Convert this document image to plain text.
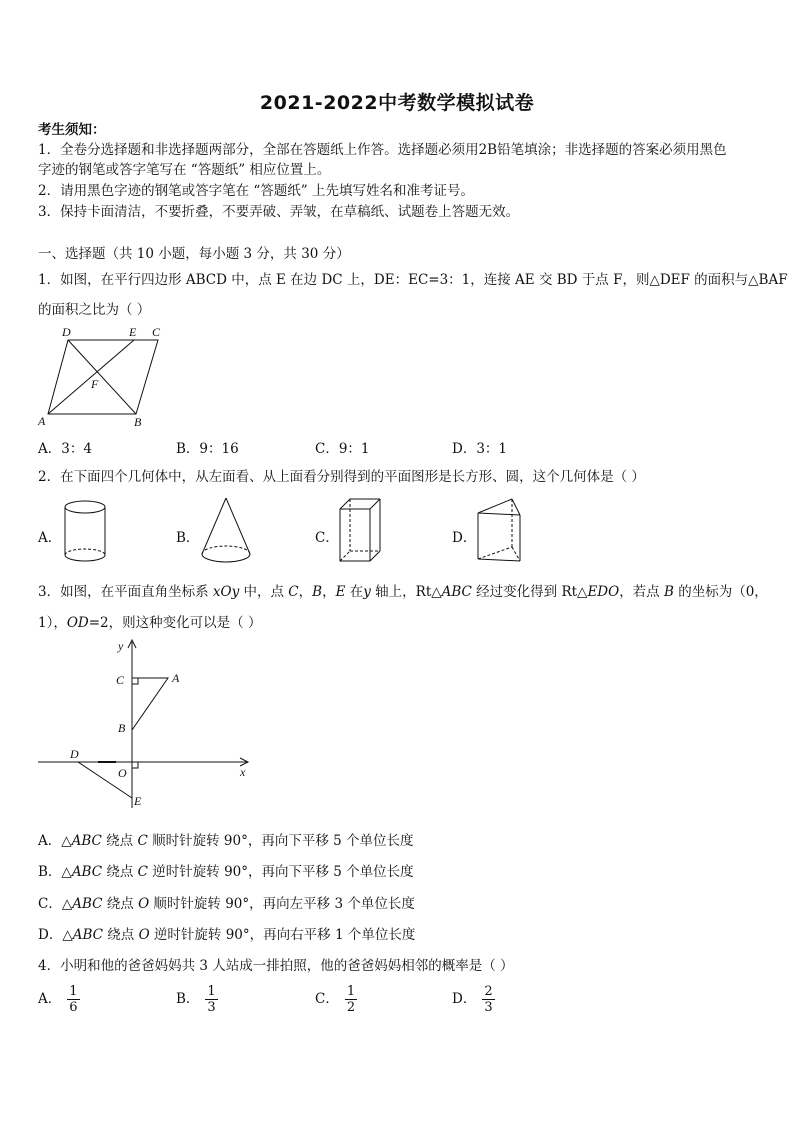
2021-2022中考数学模拟试卷
考生须知：
1．全卷分选择题和非选择题两部分，全部在答题纸上作答。选择题必须用2B铅笔填涂；非选择题的答案必须用黑色
字迹的钢笔或答字笔写在 “答题纸” 相应位置上。
2．请用黑色字迹的钢笔或答字笔在 “答题纸” 上先填写姓名和准考证号。
3．保持卡面清洁，不要折叠，不要弄破、弄皱，在草稿纸、试题卷上答题无效。
一、选择题（共 10 小题，每小题 3 分，共 30 分）
1．如图，在平行四边形 ABCD 中，点 E 在边 DC 上，DE：EC=3：1，连接 AE 交 BD 于点 F，则△DEF 的面积与△BAF
的面积之比为（ ）
D	E C
F
A	B
A．3：4	B．9：16	C．9：1	D．3：1
2．在下面四个几何体中，从左面看、从上面看分别得到的平面图形是长方形、圆，这个几何体是（ ）
A．	B．	C．	D．
3．如图，在平面直角坐标系 xOy 中，点 C，B，E 在y 轴上，Rt△ABC 经过变化得到 Rt△EDO，若点 B 的坐标为（0，
1），OD=2，则这种变化可以是（ ）
y
x
C	A
B
D
O
E
A．△ABC 绕点 C 顺时针旋转 90°，再向下平移 5 个单位长度
B．△ABC 绕点 C 逆时针旋转 90°，再向下平移 5 个单位长度
C．△ABC 绕点 O 顺时针旋转 90°，再向左平移 3 个单位长度
D．△ABC 绕点 O 逆时针旋转 90°，再向右平移 1 个单位长度
4．小明和他的爸爸妈妈共 3 人站成一排拍照，他的爸爸妈妈相邻的概率是（ ）
A． $\frac{1}{6}$	B． $\frac{1}{3}$	C． $\frac{1}{2}$	D． $\frac{2}{3}$
